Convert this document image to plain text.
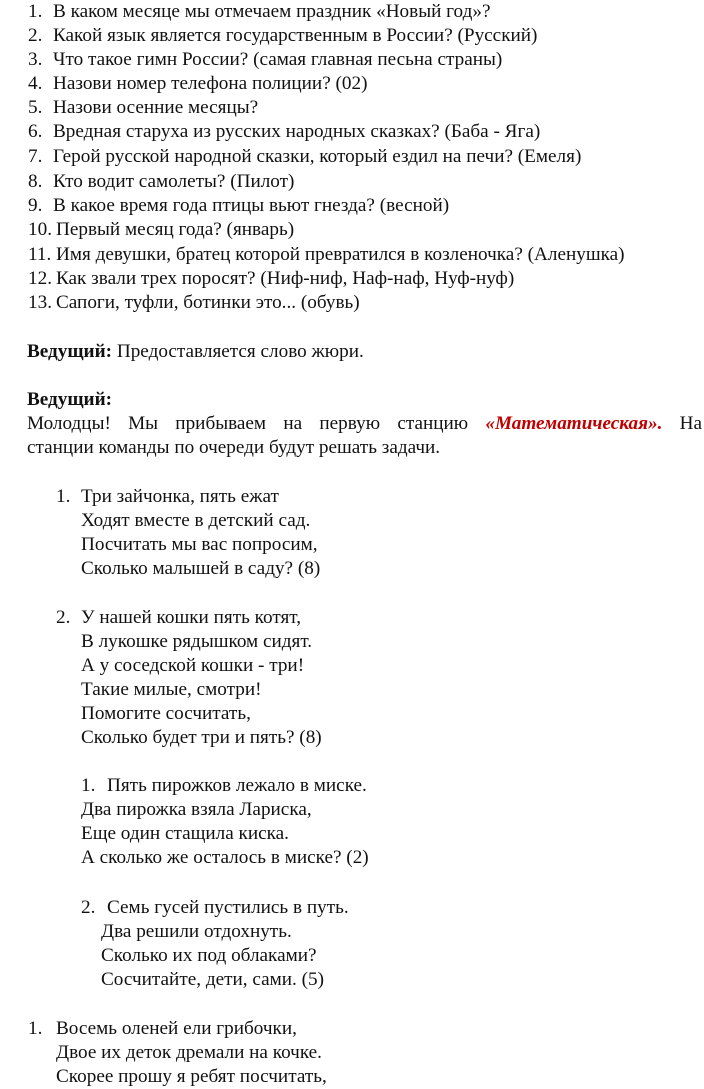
1. В каком месяце мы отмечаем праздник «Новый год»?
2. Какой язык является государственным в России? (Русский)
3. Что такое гимн России? (самая главная песьна страны)
4. Назови номер телефона полиции? (02)
5. Назови осенние месяцы?
6. Вредная старуха из русских народных сказках? (Баба - Яга)
7. Герой русской народной сказки, который ездил на печи? (Емеля)
8. Кто водит самолеты? (Пилот)
9. В какое время года птицы вьют гнезда? (весной)
10. Первый месяц года? (январь)
11. Имя девушки, братец которой превратился в козленочка? (Аленушка)
12. Как звали трех поросят? (Ниф-ниф, Наф-наф, Нуф-нуф)
13. Сапоги, туфли, ботинки это... (обувь)
Ведущий: Предоставляется слово жюри.
Ведущий:
Молодцы! Мы прибываем на первую станцию «Математическая». На
станции команды по очереди будут решать задачи.
1. Три зайчонка, пять ежат
Ходят вместе в детский сад.
Посчитать мы вас попросим,
Сколько малышей в саду? (8)
2. У нашей кошки пять котят,
В лукошке рядышком сидят.
А у соседской кошки - три!
Такие милые, смотри!
Помогите сосчитать,
Сколько будет три и пять? (8)
1. Пять пирожков лежало в миске.
Два пирожка взяла Лариска,
Еще один стащила киска.
А сколько же осталось в миске? (2)
2. Семь гусей пустились в путь.
Два решили отдохнуть.
Сколько их под облаками?
Сосчитайте, дети, сами. (5)
1. Восемь оленей ели грибочки,
Двое их деток дремали на кочке.
Скорее прошу я ребят посчитать,
